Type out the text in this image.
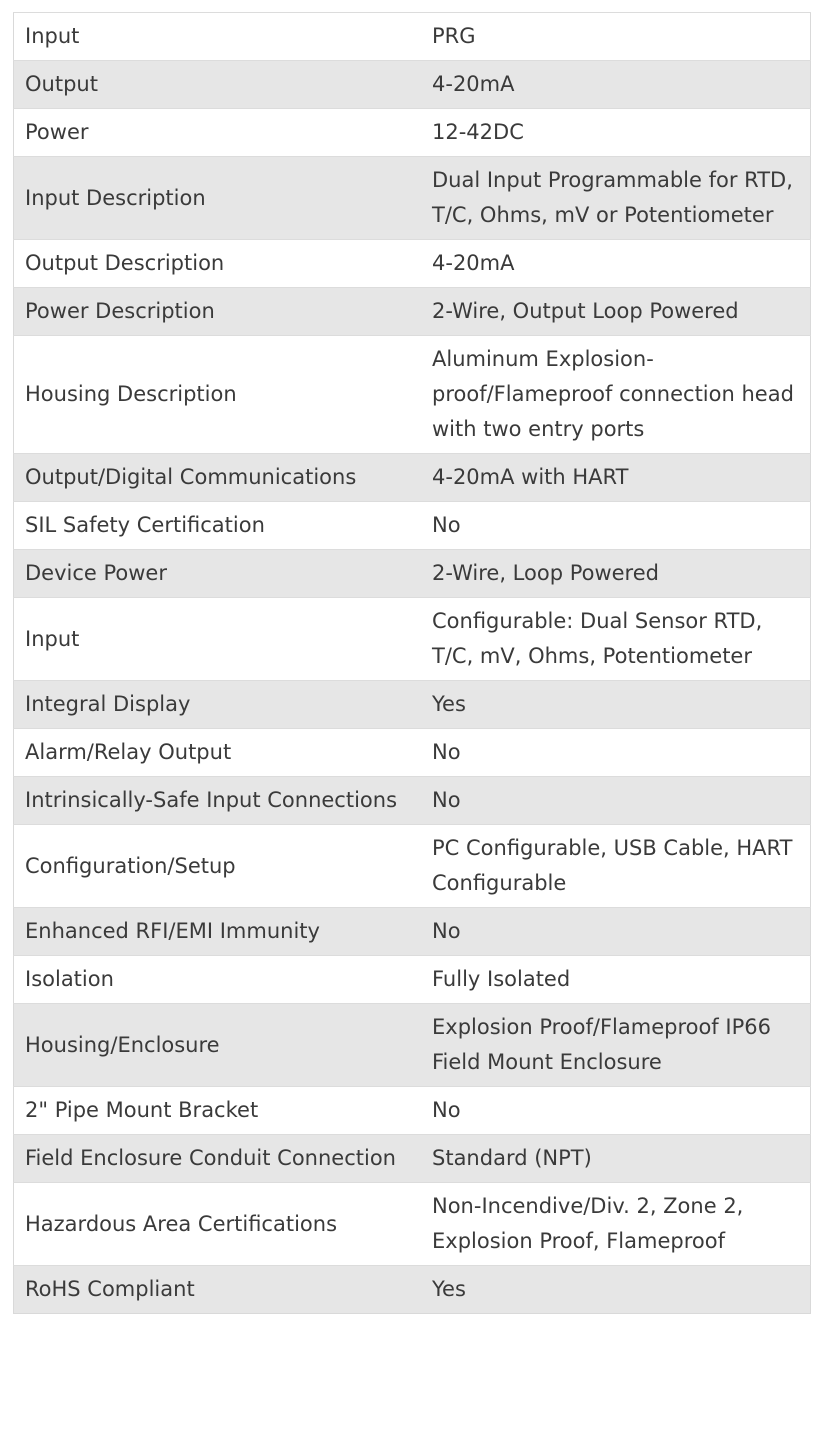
Input	PRG
Output	4-20mA
Power	12-42DC
Input Description	Dual Input Programmable for RTD, T/C, Ohms, mV or Potentiometer
Output Description	4-20mA
Power Description	2-Wire, Output Loop Powered
Housing Description	Aluminum Explosion-proof/Flameproof connection head with two entry ports
Output/Digital Communications	4-20mA with HART
SIL Safety Certification	No
Device Power	2-Wire, Loop Powered
Input	Configurable: Dual Sensor RTD, T/C, mV, Ohms, Potentiometer
Integral Display	Yes
Alarm/Relay Output	No
Intrinsically-Safe Input Connections	No
Configuration/Setup	PC Configurable, USB Cable, HART Configurable
Enhanced RFI/EMI Immunity	No
Isolation	Fully Isolated
Housing/Enclosure	Explosion Proof/Flameproof IP66 Field Mount Enclosure
2" Pipe Mount Bracket	No
Field Enclosure Conduit Connection	Standard (NPT)
Hazardous Area Certifications	Non-Incendive/Div. 2, Zone 2, Explosion Proof, Flameproof
RoHS Compliant	Yes
